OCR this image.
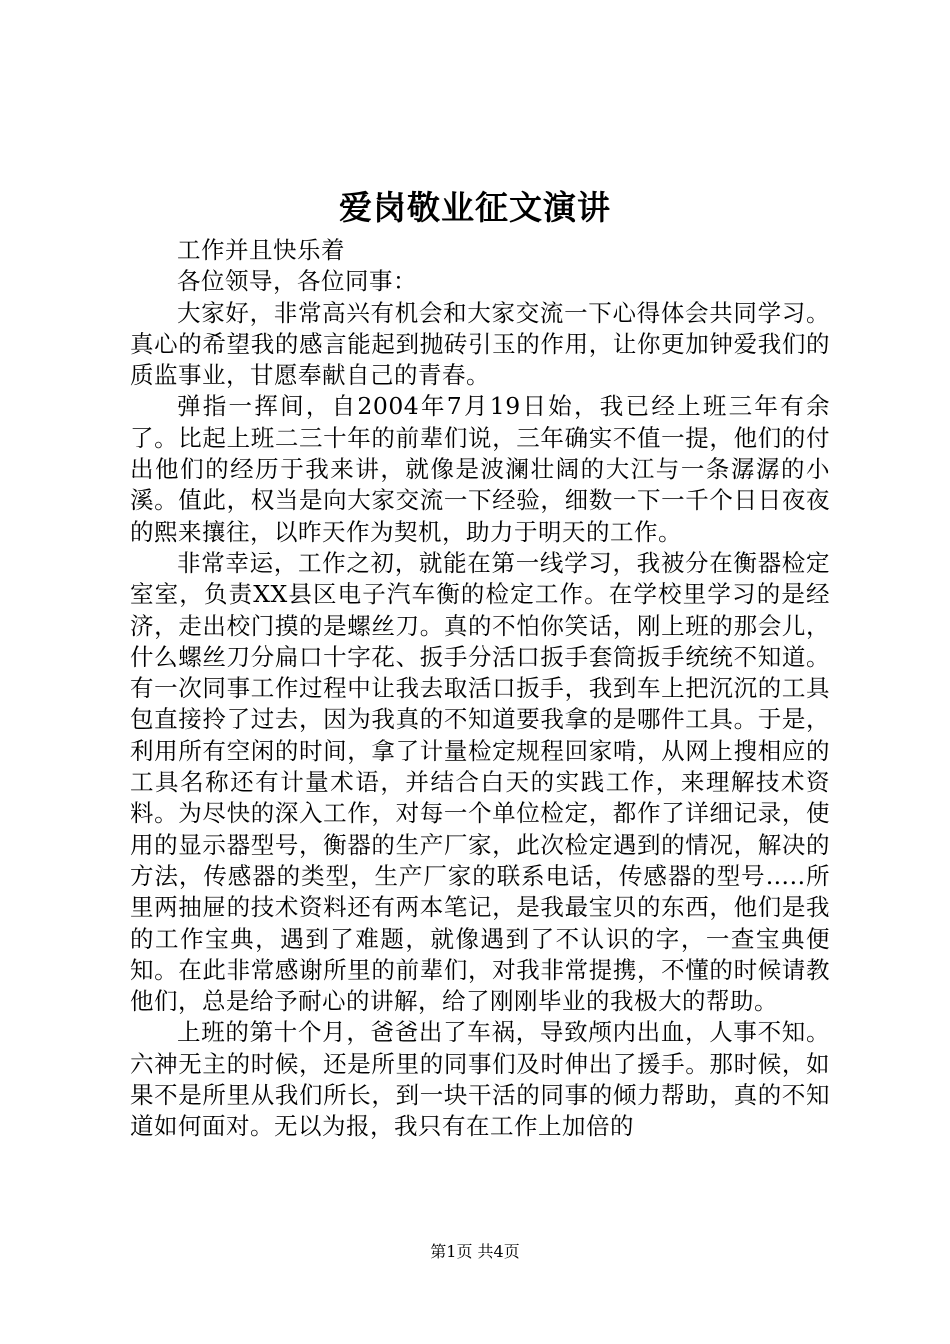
爱岗敬业征文演讲

工作并且快乐着

各位领导，各位同事：

大家好，非常高兴有机会和大家交流一下心得体会共同学习。真心的希望我的感言能起到抛砖引玉的作用，让你更加钟爱我们的质监事业，甘愿奉献自己的青春。

弹指一挥间，自2004年7月19日始，我已经上班三年有余了。比起上班二三十年的前辈们说，三年确实不值一提，他们的付出他们的经历于我来讲，就像是波澜壮阔的大江与一条潺潺的小溪。值此，权当是向大家交流一下经验，细数一下一千个日日夜夜的熙来攘往，以昨天作为契机，助力于明天的工作。

非常幸运，工作之初，就能在第一线学习，我被分在衡器检定室室，负责XX县区电子汽车衡的检定工作。在学校里学习的是经济，走出校门摸的是螺丝刀。真的不怕你笑话，刚上班的那会儿，什么螺丝刀分扁口十字花、扳手分活口扳手套筒扳手统统不知道。有一次同事工作过程中让我去取活口扳手，我到车上把沉沉的工具包直接拎了过去，因为我真的不知道要我拿的是哪件工具。于是，利用所有空闲的时间，拿了计量检定规程回家啃，从网上搜相应的工具名称还有计量术语，并结合白天的实践工作，来理解技术资料。为尽快的深入工作，对每一个单位检定，都作了详细记录，使用的显示器型号，衡器的生产厂家，此次检定遇到的情况，解决的方法，传感器的类型，生产厂家的联系电话，传感器的型号…..所里两抽屉的技术资料还有两本笔记，是我最宝贝的东西，他们是我的工作宝典，遇到了难题，就像遇到了不认识的字，一查宝典便知。在此非常感谢所里的前辈们，对我非常提携，不懂的时候请教他们，总是给予耐心的讲解，给了刚刚毕业的我极大的帮助。

上班的第十个月，爸爸出了车祸，导致颅内出血，人事不知。六神无主的时候，还是所里的同事们及时伸出了援手。那时候，如果不是所里从我们所长，到一块干活的同事的倾力帮助，真的不知道如何面对。无以为报，我只有在工作上加倍的

第1页 共4页
